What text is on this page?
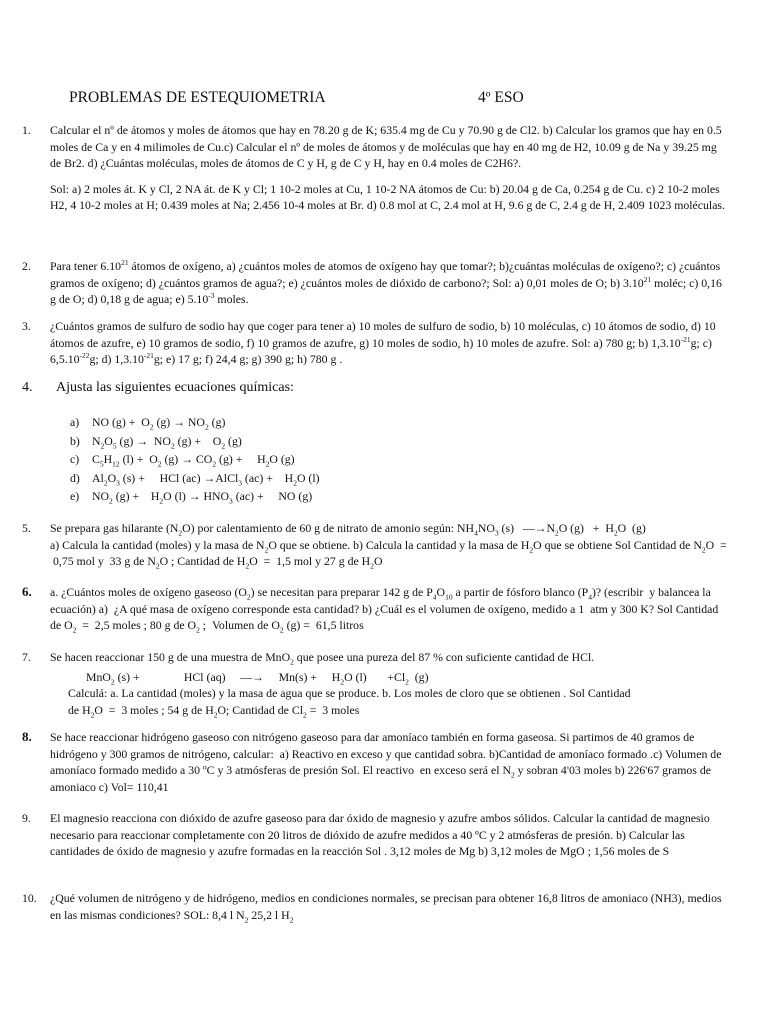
PROBLEMAS DE ESTEQUIOMETRIA	4º ESO
1.	Calcular el nº de átomos y moles de átomos que hay en 78.20 g de K; 635.4 mg de Cu y 70.90 g de Cl2. b) Calcular los gramos que hay en 0.5 moles de Ca y en 4 milimoles de Cu.c) Calcular el nº de moles de átomos y de moléculas que hay en 40 mg de H2, 10.09 g de Na y 39.25 mg de Br2. d) ¿Cuántas moléculas, moles de átomos de C y H, g de C y H, hay en 0.4 moles de C2H6?.
Sol: a) 2 moles át. K y Cl, 2 NA át. de K y Cl; 1 10-2 moles at Cu, 1 10-2 NA átomos de Cu: b) 20.04 g de Ca, 0.254 g de Cu. c) 2 10-2 moles H2, 4 10-2 moles at H; 0.439 moles at Na; 2.456 10-4 moles at Br. d) 0.8 mol at C, 2.4 mol at H, 9.6 g de C, 2.4 g de H, 2.409 1023 moléculas.
2.	Para tener 6.10$^{21}$ átomos de oxígeno, a) ¿cuántos moles de atomos de oxígeno hay que tomar?; b)¿cuántas moléculas de oxígeno?; c) ¿cuántos gramos de oxígeno; d) ¿cuántos gramos de agua?; e) ¿cuántos moles de dióxido de carbono?; Sol: a) 0,01 moles de O; b) 3.10$^{21}$ moléc; c) 0,16 g de O; d) 0,18 g de agua; e) $5.10^{-3}$ moles.
3.	¿Cuántos gramos de sulfuro de sodio hay que coger para tener a) 10 moles de sulfuro de sodio, b) 10 moléculas, c) 10 átomos de sodio, d) 10 átomos de azufre, e) 10 gramos de sodio, f) 10 gramos de azufre, g) 10 moles de sodio, h) 10 moles de azufre. Sol: a) 780 g; b) $1,3.10^{-21}g$; c) $6,5.10^{-22}g$; d) $1,3.10^{-21}g$; e) 17 g; f) 24,4 g; g) 390 g; h) 780 g .
4.	Ajusta las siguientes ecuaciones químicas:
a) NO $(g) + O_2$ $(g) \to NO_2$ (g)
b) $N_2O_5$ $(g) \to NO_2$ (g) +    $O_2$ (g)
c) $C_5H_{12}$ $(l) + O_2$ $(g) \to CO_2$ (g) +     $H_2O$ (g)
d) $Al_2O_3$ (s) +     HCl (ac) →AlCl$_3$ (ac) +    $H_2O$ (l)
e) $NO_2$ (g) +    $H_2O$ $(l) \to HNO_3$ (ac) +     NO (g)
5.	Se prepara gas hilarante $(N_2O)$ por calentamiento de 60 g de nitrato de amonio según: $NH_4NO_3$ (s)   $—\to N_2O$ $(g) + H_2O$  (g)
a) Calcula la cantidad (moles) y la masa de $N_2O$ que se obtiene. b) Calcula la cantidad y la masa de $H_2O$ que se obtiene Sol Cantidad de $N_2O = 0,75$ mol y  33 g de $N_2O$ ; Cantidad de $H_2O = 1,5$ mol y 27 g de $H_2O$
6.	a. ¿Cuántos moles de oxígeno gaseoso $(O_2)$ se necesitan para preparar 142 g de $P_4O_{10}$ a partir de fósforo blanco $(P_4)$? (escribir  y balancea la ecuación) a)  ¿A qué masa de oxígeno corresponde esta cantidad? b) ¿Cuál es el volumen de oxígeno, medido a 1  atm y 300 K? Sol Cantidad de $O_2 = 2,5$ moles ; 80 g de $O_2$ ;  Volumen de $O_2$ (g) =  61,5 litros
7.	Se hacen reaccionar 150 g de una muestra de MnO$_2$ que posee una pureza del 87 % con suficiente cantidad de HCl.
MnO$_2$ (s) +               HCl (aq)     —→     Mn(s) +     $H_2O$ (l)       $+Cl_2$  (g)
Calculá: a. La cantidad (moles) y la masa de agua que se produce. b. Los moles de cloro que se obtienen . Sol Cantidad
de $H_2O = 3$ moles ; 54 g de $H_2O$; Cantidad de $Cl_2 = 3$ moles
8.	Se hace reaccionar hidrógeno gaseoso con nitrógeno gaseoso para dar amoníaco también en forma gaseosa. Si partimos de 40 gramos de hidrógeno y 300 gramos de nitrógeno, calcular:  a) Reactivo en exceso y que cantidad sobra. b)Cantidad de amoníaco formado .c) Volumen de amoníaco formado medido a 30 ºC y 3 atmósferas de presión Sol. El reactivo  en exceso será el $N_2$ y sobran 4'03 moles b) 226'67 gramos de amoniaco c) Vol= 110,41
9.	El magnesio reacciona con dióxido de azufre gaseoso para dar óxido de magnesio y azufre ambos sólidos. Calcular la cantidad de magnesio necesario para reaccionar completamente con 20 litros de dióxido de azufre medidos a 40 ºC y 2 atmósferas de presión. b) Calcular las cantidades de óxido de magnesio y azufre formadas en la reacción Sol . 3,12 moles de Mg b) 3,12 moles de MgO ; 1,56 moles de S
10.	¿Qué volumen de nitrógeno y de hidrógeno, medios en condiciones normales, se precisan para obtener 16,8 litros de amoniaco (NH3), medios en las mismas condiciones? SOL: 8,4 l $N_2$ 25,2 l $H_2$
